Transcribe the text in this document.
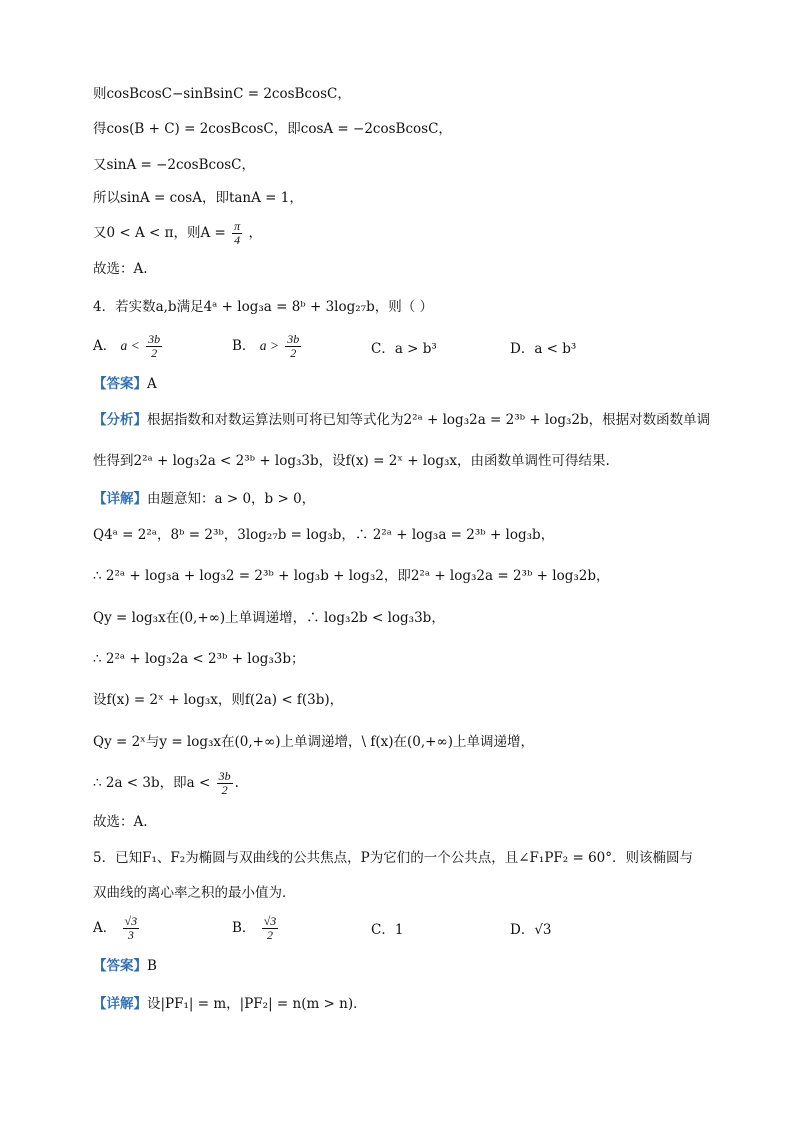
则cosBcosC−sinBsinC = 2cosBcosC，
得cos(B + C) = 2cosBcosC，即cosA = −2cosBcosC，
又sinA = −2cosBcosC，
所以sinA = cosA，即tanA = 1，
又0 < A < π，则$A = \frac{\pi}{4}$ ，
故选：A.
4．若实数a,b满足4ᵃ + log₃a = 8ᵇ + 3log₂₇b，则（ ）
A． $a < \frac{3b}{2}$	B． $a > \frac{3b}{2}$	C．a > b³	D．a < b³
【答案】A
【分析】根据指数和对数运算法则可将已知等式化为2²ᵃ + log₃2a = 2³ᵇ + log₃2b，根据对数函数单调
性得到2²ᵃ + log₃2a < 2³ᵇ + log₃3b，设f(x) = 2ˣ + log₃x，由函数单调性可得结果.
【详解】由题意知：a > 0，b > 0，
Q4ᵃ = 2²ᵃ，8ᵇ = 2³ᵇ，3log₂₇b = log₃b，∴ 2²ᵃ + log₃a = 2³ᵇ + log₃b，
∴ 2²ᵃ + log₃a + log₃2 = 2³ᵇ + log₃b + log₃2，即2²ᵃ + log₃2a = 2³ᵇ + log₃2b，
Qy = log₃x在(0,+∞)上单调递增，∴ log₃2b < log₃3b，
∴ 2²ᵃ + log₃2a < 2³ᵇ + log₃3b；
设f(x) = 2ˣ + log₃x，则f(2a) < f(3b)，
Qy = 2ˣ与y = log₃x在(0,+∞)上单调递增，\ f(x)在(0,+∞)上单调递增，
∴ 2a < 3b，即$a < \frac{3b}{2}$ .
故选：A.
5．已知F₁、F₂为椭圆与双曲线的公共焦点，P为它们的一个公共点，且∠F₁PF₂ = 60°．则该椭圆与
双曲线的离心率之积的最小值为．
A． $\frac{√3}{3}$	B． $\frac{√3}{2}$	C．1	D．√3
【答案】B
【详解】设|PF₁| = m，|PF₂| = n(m > n)．
